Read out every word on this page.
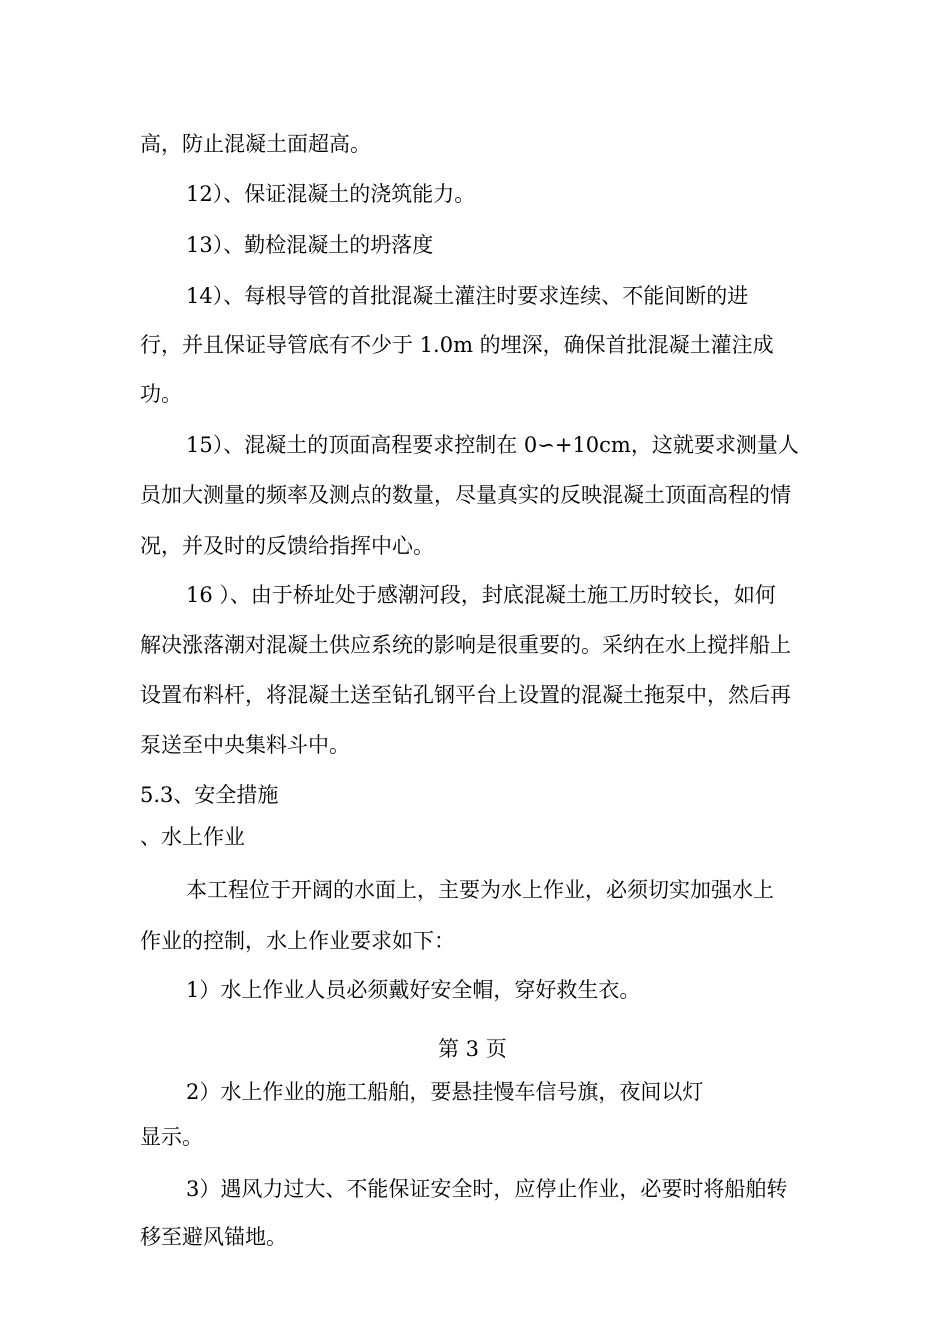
高，防止混凝土面超高。
12）、保证混凝土的浇筑能力。
13）、勤检混凝土的坍落度
14）、每根导管的首批混凝土灌注时要求连续、不能间断的进
行，并且保证导管底有不少于 1.0m 的埋深，确保首批混凝土灌注成
功。
15）、混凝土的顶面高程要求控制在 0∽+10cm，这就要求测量人
员加大测量的频率及测点的数量，尽量真实的反映混凝土顶面高程的情
况，并及时的反馈给指挥中心。
16 ）、由于桥址处于感潮河段，封底混凝土施工历时较长，如何
解决涨落潮对混凝土供应系统的影响是很重要的。采纳在水上搅拌船上
设置布料杆，将混凝土送至钻孔钢平台上设置的混凝土拖泵中，然后再
泵送至中央集料斗中。
5.3、安全措施
、水上作业
本工程位于开阔的水面上，主要为水上作业，必须切实加强水上
作业的控制，水上作业要求如下：
1）水上作业人员必须戴好安全帽，穿好救生衣。
第 3 页
2）水上作业的施工船舶，要悬挂慢车信号旗，夜间以灯
显示。
3）遇风力过大、不能保证安全时，应停止作业，必要时将船舶转
移至避风锚地。
